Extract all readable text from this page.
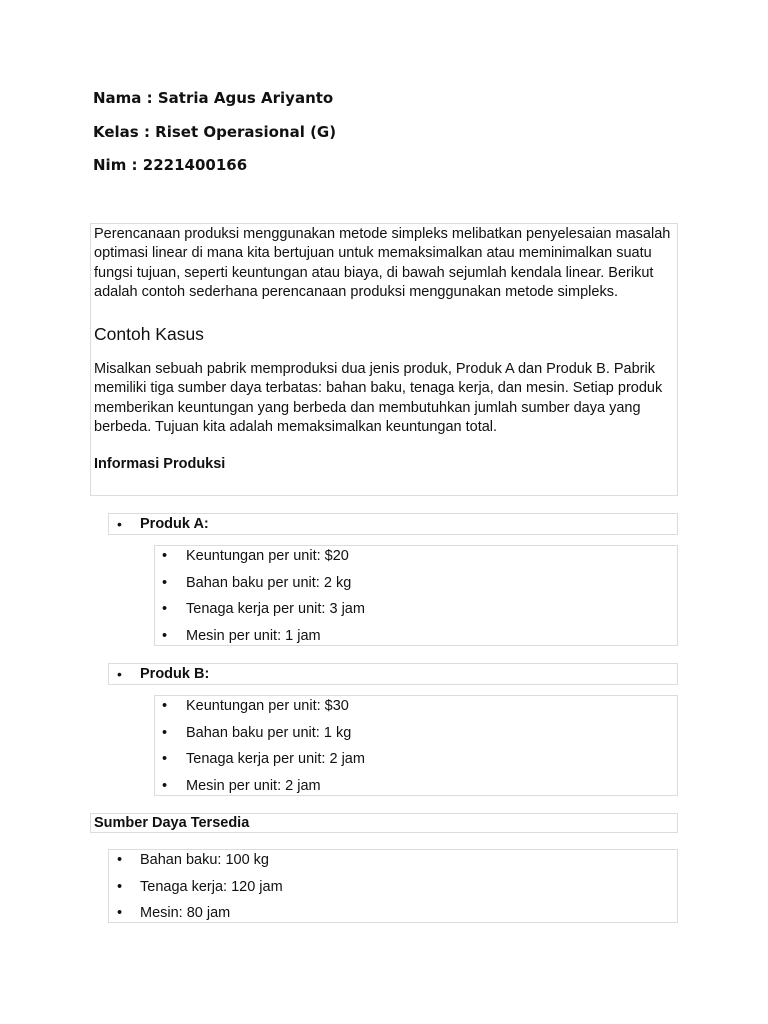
Nama : Satria Agus Ariyanto

Kelas : Riset Operasional (G)

Nim : 2221400166

Perencanaan produksi menggunakan metode simpleks melibatkan penyelesaian masalah optimasi linear di mana kita bertujuan untuk memaksimalkan atau meminimalkan suatu fungsi tujuan, seperti keuntungan atau biaya, di bawah sejumlah kendala linear. Berikut adalah contoh sederhana perencanaan produksi menggunakan metode simpleks.

Contoh Kasus

Misalkan sebuah pabrik memproduksi dua jenis produk, Produk A dan Produk B. Pabrik memiliki tiga sumber daya terbatas: bahan baku, tenaga kerja, dan mesin. Setiap produk memberikan keuntungan yang berbeda dan membutuhkan jumlah sumber daya yang berbeda. Tujuan kita adalah memaksimalkan keuntungan total.

Informasi Produksi

• Produk A:
• Keuntungan per unit: $20
• Bahan baku per unit: 2 kg
• Tenaga kerja per unit: 3 jam
• Mesin per unit: 1 jam
• Produk B:
• Keuntungan per unit: $30
• Bahan baku per unit: 1 kg
• Tenaga kerja per unit: 2 jam
• Mesin per unit: 2 jam

Sumber Daya Tersedia

• Bahan baku: 100 kg
• Tenaga kerja: 120 jam
• Mesin: 80 jam
